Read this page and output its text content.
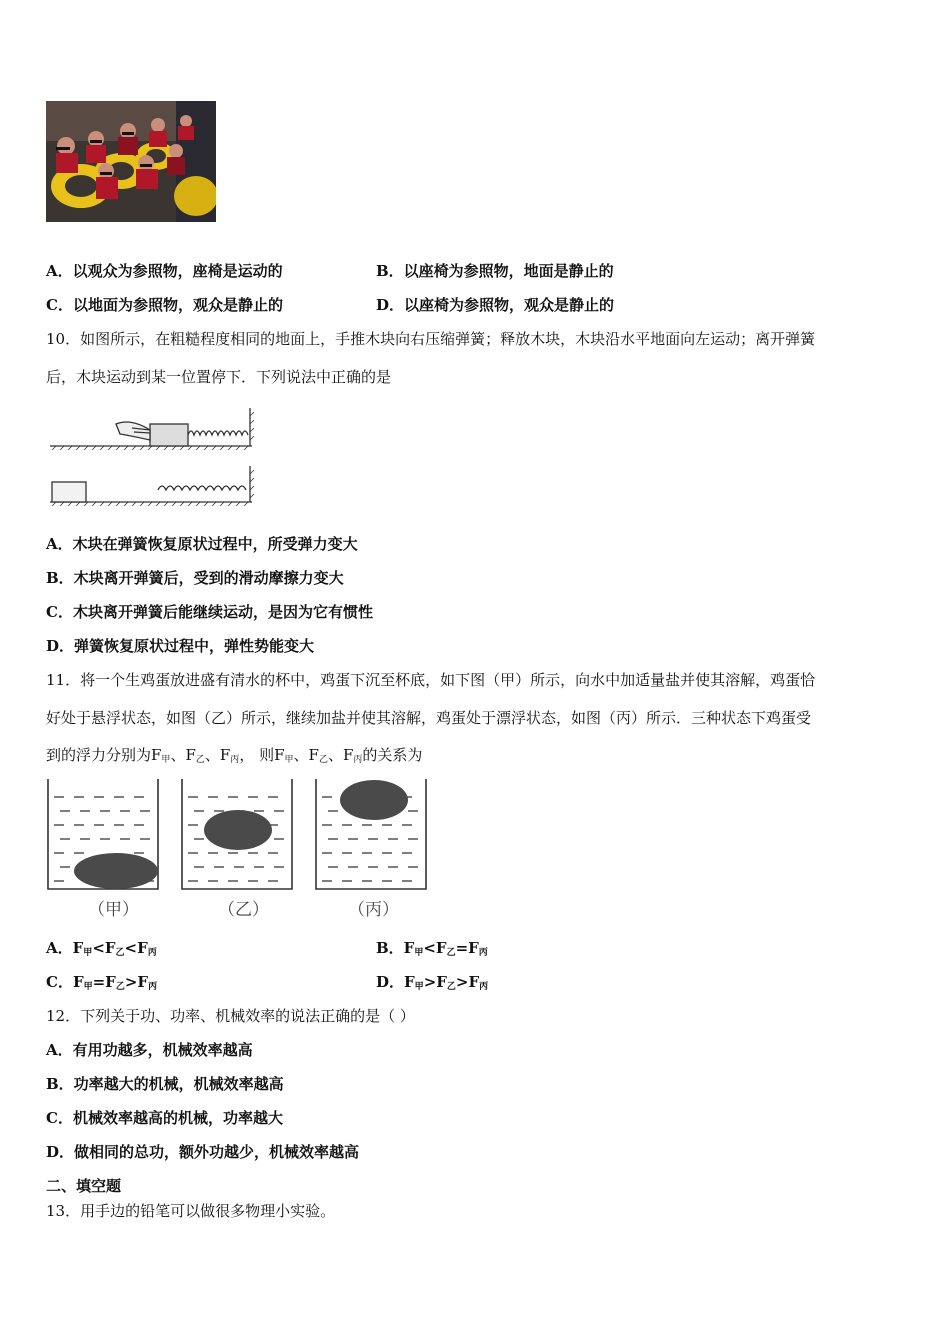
A．以观众为参照物，座椅是运动的	B．以座椅为参照物，地面是静止的
C．以地面为参照物，观众是静止的	D．以座椅为参照物，观众是静止的
10．如图所示，在粗糙程度相同的地面上，手推木块向右压缩弹簧；释放木块，木块沿水平地面向左运动；离开弹簧
后，木块运动到某一位置停下．下列说法中正确的是
A．木块在弹簧恢复原状过程中，所受弹力变大
B．木块离开弹簧后，受到的滑动摩擦力变大
C．木块离开弹簧后能继续运动，是因为它有惯性
D．弹簧恢复原状过程中，弹性势能变大
11．将一个生鸡蛋放进盛有清水的杯中，鸡蛋下沉至杯底，如下图（甲）所示，向水中加适量盐并使其溶解，鸡蛋恰
好处于悬浮状态，如图（乙）所示，继续加盐并使其溶解，鸡蛋处于漂浮状态，如图（丙）所示．三种状态下鸡蛋受
到的浮力分别为$F_甲$、$F_乙$、$F_丙$， 则$F_甲$、$F_乙$、$F_丙$的关系为
（甲）	（乙）	（丙）
A．$F_甲<F_乙<F_丙$	B．$F_甲<F_乙=F_丙$
C．$F_甲=F_乙>F_丙$	D．$F_甲>F_乙>F_丙$
12．下列关于功、功率、机械效率的说法正确的是（ ）
A．有用功越多，机械效率越高
B．功率越大的机械，机械效率越高
C．机械效率越高的机械，功率越大
D．做相同的总功，额外功越少，机械效率越高
二、填空题
13．用手边的铅笔可以做很多物理小实验。
